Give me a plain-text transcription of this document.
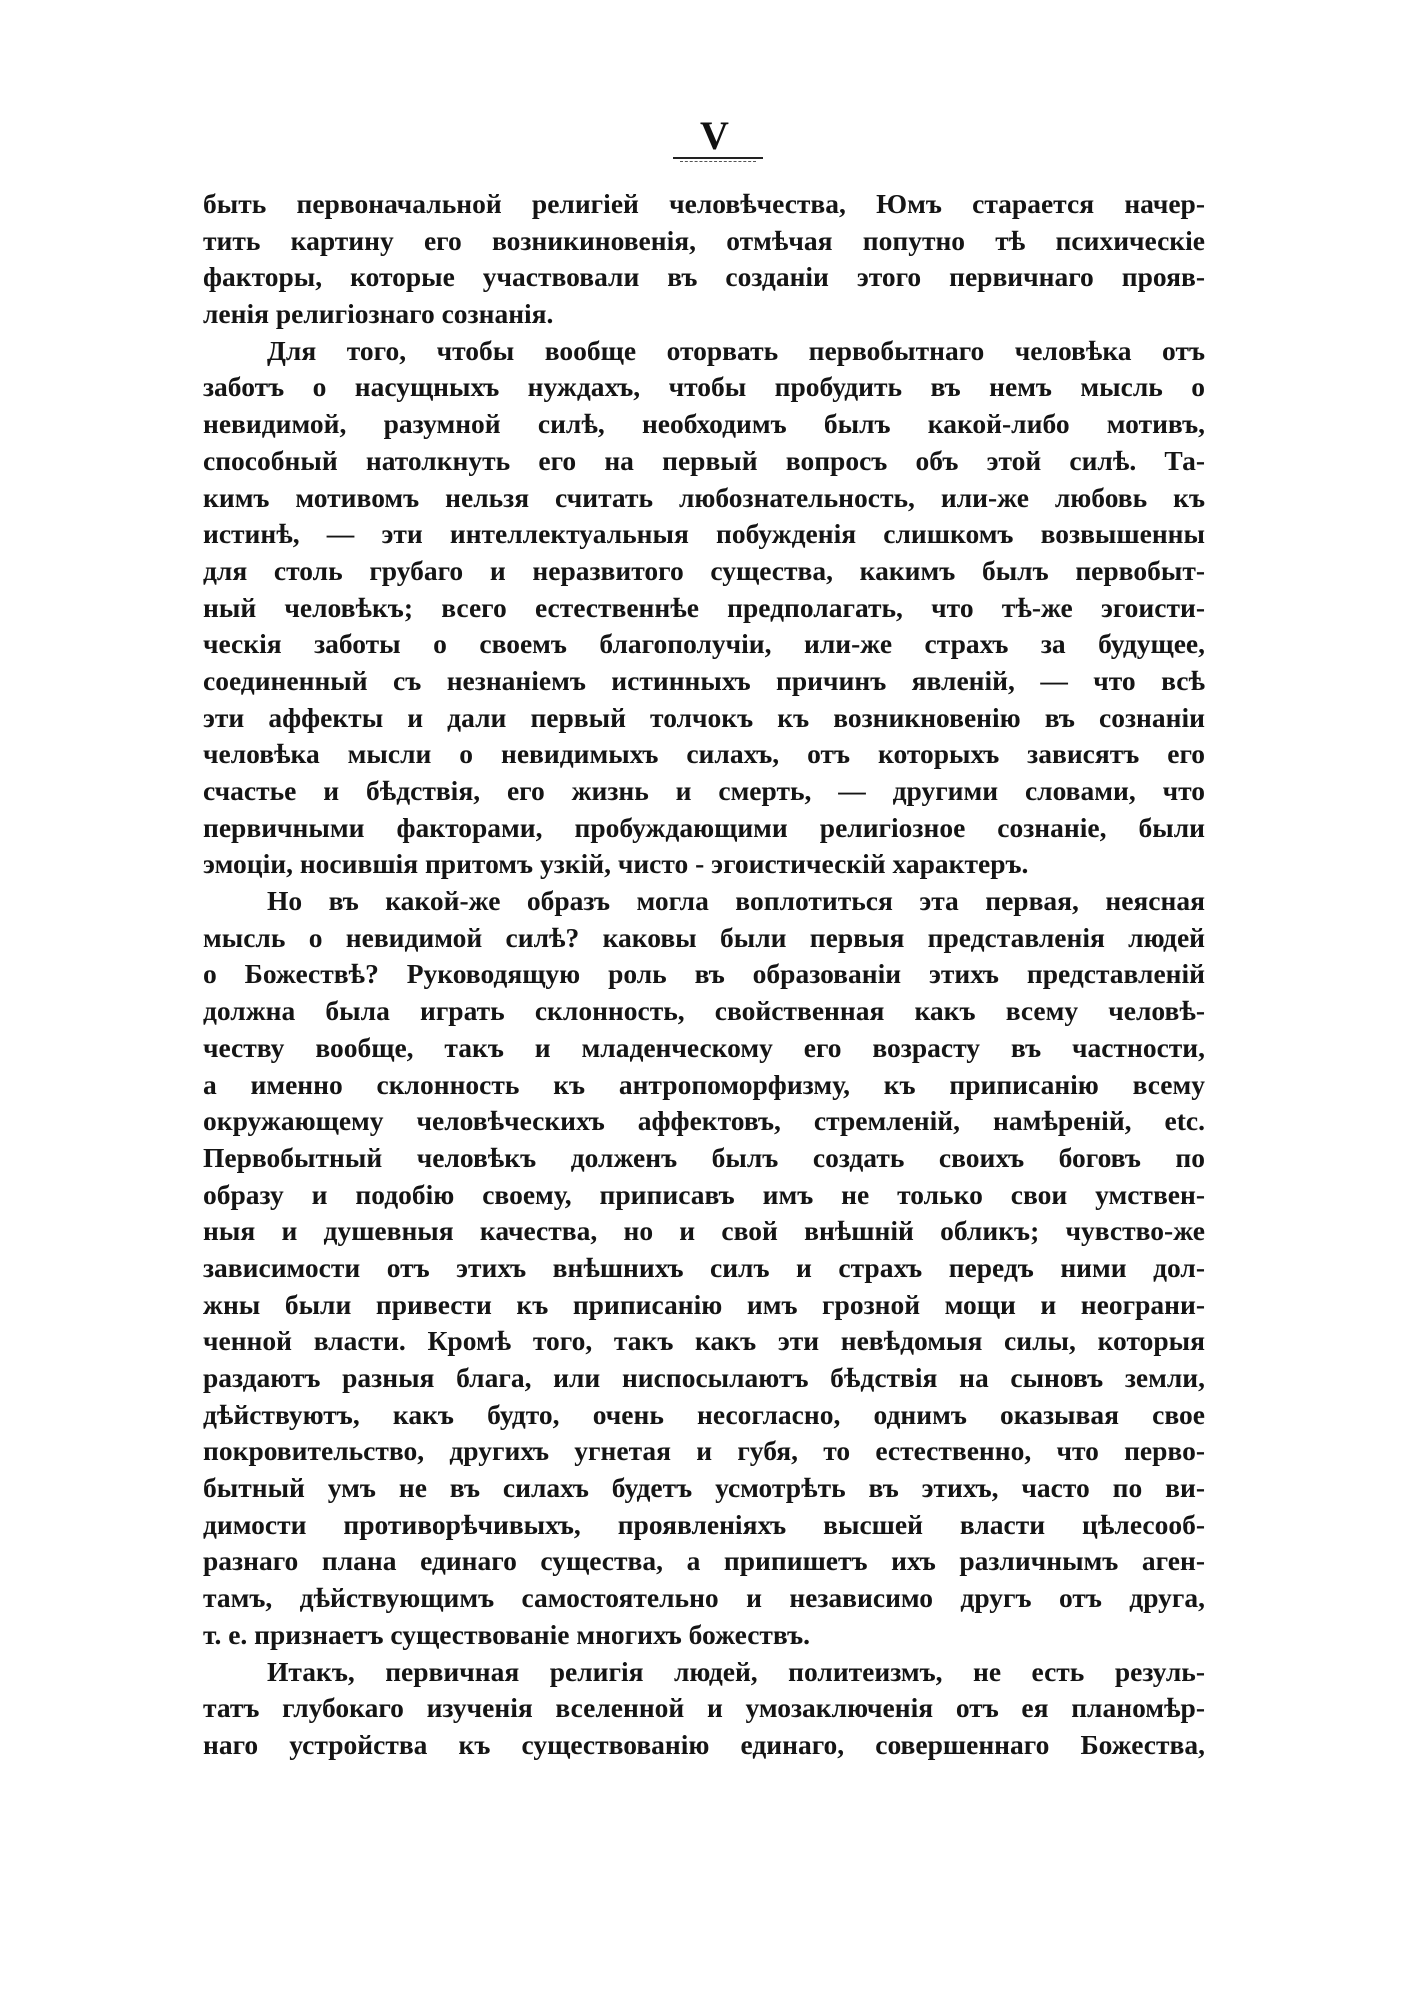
V
быть первоначальной религiей человѣчества, Юмъ старается начер-
тить картину его возникиновенiя, отмѣчая попутно тѣ психическiе
факторы, которые участвовали въ созданiи этого первичнаго прояв-
ленiя религiознаго сознанiя.
Для того, чтобы вообще оторвать первобытнаго человѣка отъ
заботъ о насущныхъ нуждахъ, чтобы пробудить въ немъ мысль о
невидимой, разумной силѣ, необходимъ былъ какой-либо мотивъ,
способный натолкнуть его на первый вопросъ объ этой силѣ. Та-
кимъ мотивомъ нельзя считать любознательность, или-же любовь къ
истинѣ, — эти интеллектуальныя побужденiя слишкомъ возвышенны
для столь грубаго и неразвитого существа, какимъ былъ первобыт-
ный человѣкъ; всего естественнѣе предполагать, что тѣ-же эгоисти-
ческiя заботы о своемъ благополучiи, или-же страхъ за будущее,
соединенный съ незнанiемъ истинныхъ причинъ явленiй, — что всѣ
эти аффекты и дали первый толчокъ къ возникновенiю въ сознанiи
человѣка мысли о невидимыхъ силахъ, отъ которыхъ зависятъ его
счастье и бѣдствiя, его жизнь и смерть, — другими словами, что
первичными факторами, пробуждающими религiозное сознанiе, были
эмоцiи, носившiя притомъ узкiй, чисто - эгоистическiй характеръ.
Но въ какой-же образъ могла воплотиться эта первая, неясная
мысль о невидимой силѣ? каковы были первыя представленiя людей
о Божествѣ? Руководящую роль въ образованiи этихъ представленiй
должна была играть склонность, свойственная какъ всему человѣ-
честву вообще, такъ и младенческому его возрасту въ частности,
а именно склонность къ антропоморфизму, къ приписанiю всему
окружающему человѣческихъ аффектовъ, стремленiй, намѣренiй, etc.
Первобытный человѣкъ долженъ былъ создать своихъ боговъ по
образу и подобiю своему, приписавъ имъ не только свои умствен-
ныя и душевныя качества, но и свой внѣшнiй обликъ; чувство-же
зависимости отъ этихъ внѣшнихъ силъ и страхъ передъ ними дол-
жны были привести къ приписанiю имъ грозной мощи и неограни-
ченной власти. Кромѣ того, такъ какъ эти невѣдомыя силы, которыя
раздаютъ разныя блага, или ниспосылаютъ бѣдствiя на сыновъ земли,
дѣйствуютъ, какъ будто, очень несогласно, однимъ оказывая свое
покровительство, другихъ угнетая и губя, то естественно, что перво-
бытный умъ не въ силахъ будетъ усмотрѣть въ этихъ, часто по ви-
димости противорѣчивыхъ, проявленiяхъ высшей власти цѣлесооб-
разнаго плана единаго существа, а припишетъ ихъ различнымъ аген-
тамъ, дѣйствующимъ самостоятельно и независимо другъ отъ друга,
т. е. признаетъ существованiе многихъ божествъ.
Итакъ, первичная религiя людей, политеизмъ, не есть резуль-
татъ глубокаго изученiя вселенной и умозаключенiя отъ ея планомѣр-
наго устройства къ существованiю единаго, совершеннаго Божества,
